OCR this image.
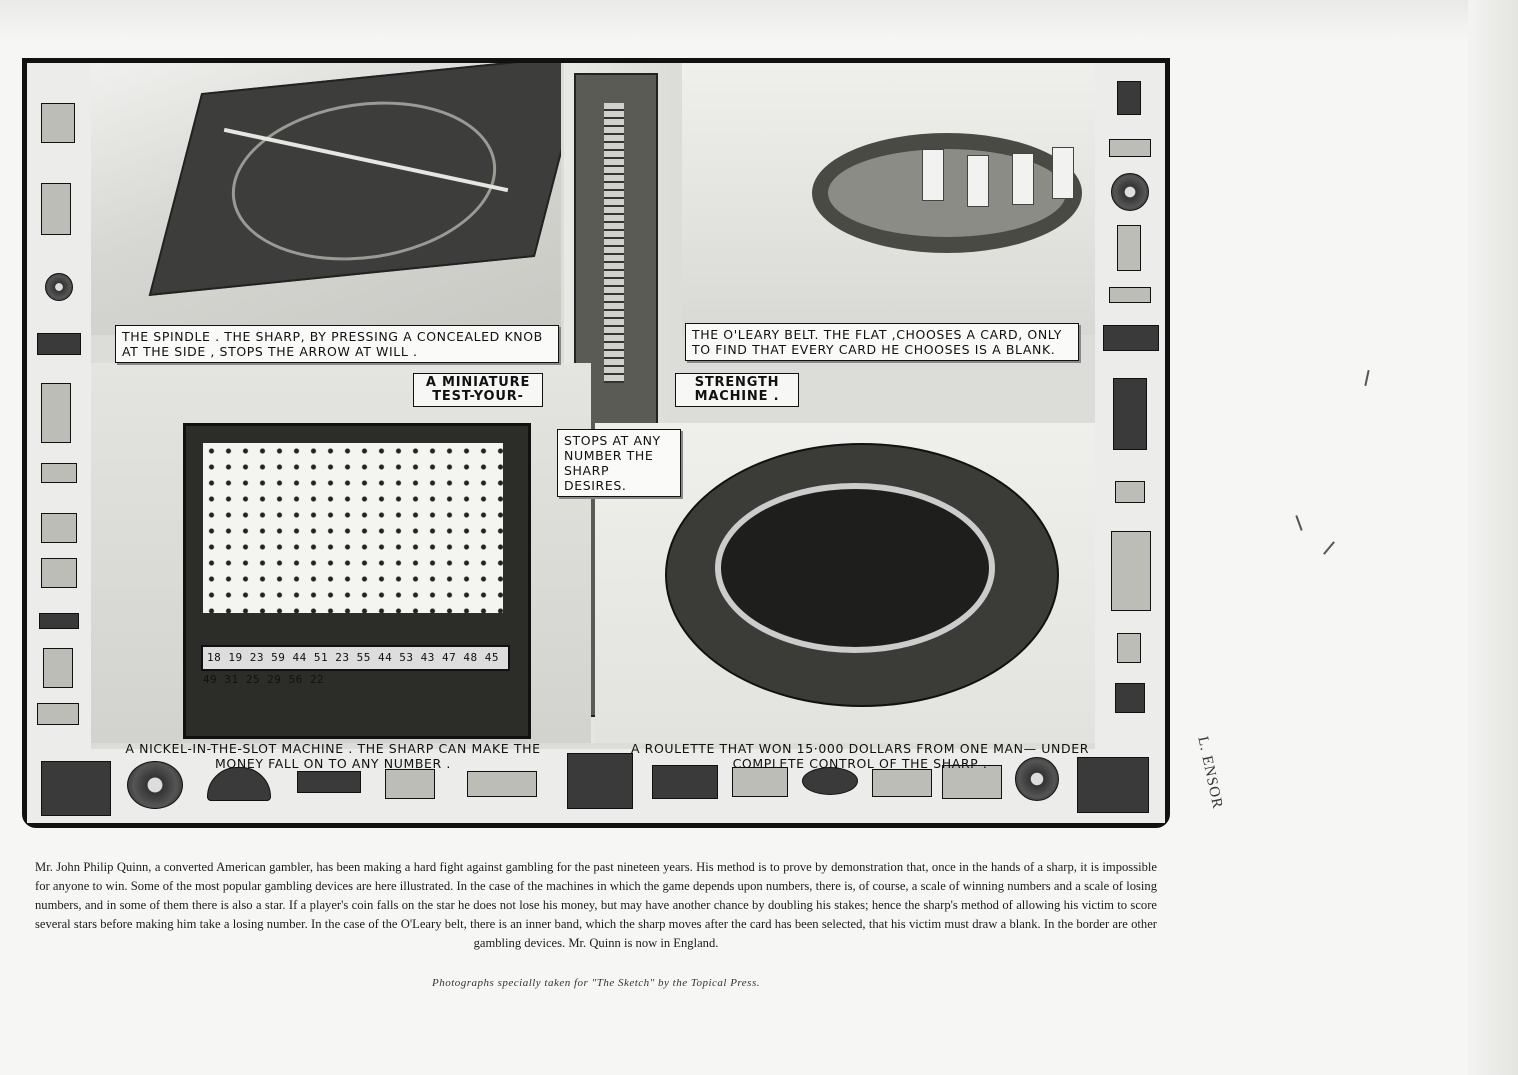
18 19 23 59 44 51 23 55 44 53 43 47 48 45 49 31 25 29 56 22
THE SPINDLE . THE SHARP, BY PRESSING A CONCEALED KNOB AT THE SIDE , STOPS THE ARROW AT WILL .
THE O'LEARY BELT. THE FLAT ,CHOOSES A CARD, ONLY TO FIND THAT EVERY CARD HE CHOOSES IS A BLANK.
A MINIATURE TEST-YOUR-
STRENGTH MACHINE .
STOPS AT ANY NUMBER THE SHARP DESIRES.
A NICKEL-IN-THE-SLOT MACHINE . THE SHARP CAN MAKE THE MONEY FALL ON TO ANY NUMBER .
A ROULETTE THAT WON 15·000 DOLLARS FROM ONE MAN— UNDER COMPLETE CONTROL OF THE SHARP .
Mr. John Philip Quinn, a converted American gambler, has been making a hard fight against gambling for the past nineteen years. His method is to prove by demonstration that, once in the hands of a sharp, it is impossible for anyone to win. Some of the most popular gambling devices are here illustrated. In the case of the machines in which the game depends upon numbers, there is, of course, a scale of winning numbers and a scale of losing numbers, and in some of them there is also a star. If a player's coin falls on the star he does not lose his money, but may have another chance by doubling his stakes; hence the sharp's method of allowing his victim to score several stars before making him take a losing number. In the case of the O'Leary belt, there is an inner band, which the sharp moves after the card has been selected, that his victim must draw a blank. In the border are other gambling devices. Mr. Quinn is now in England.
Photographs specially taken for "The Sketch" by the Topical Press.
L. ENSOR
